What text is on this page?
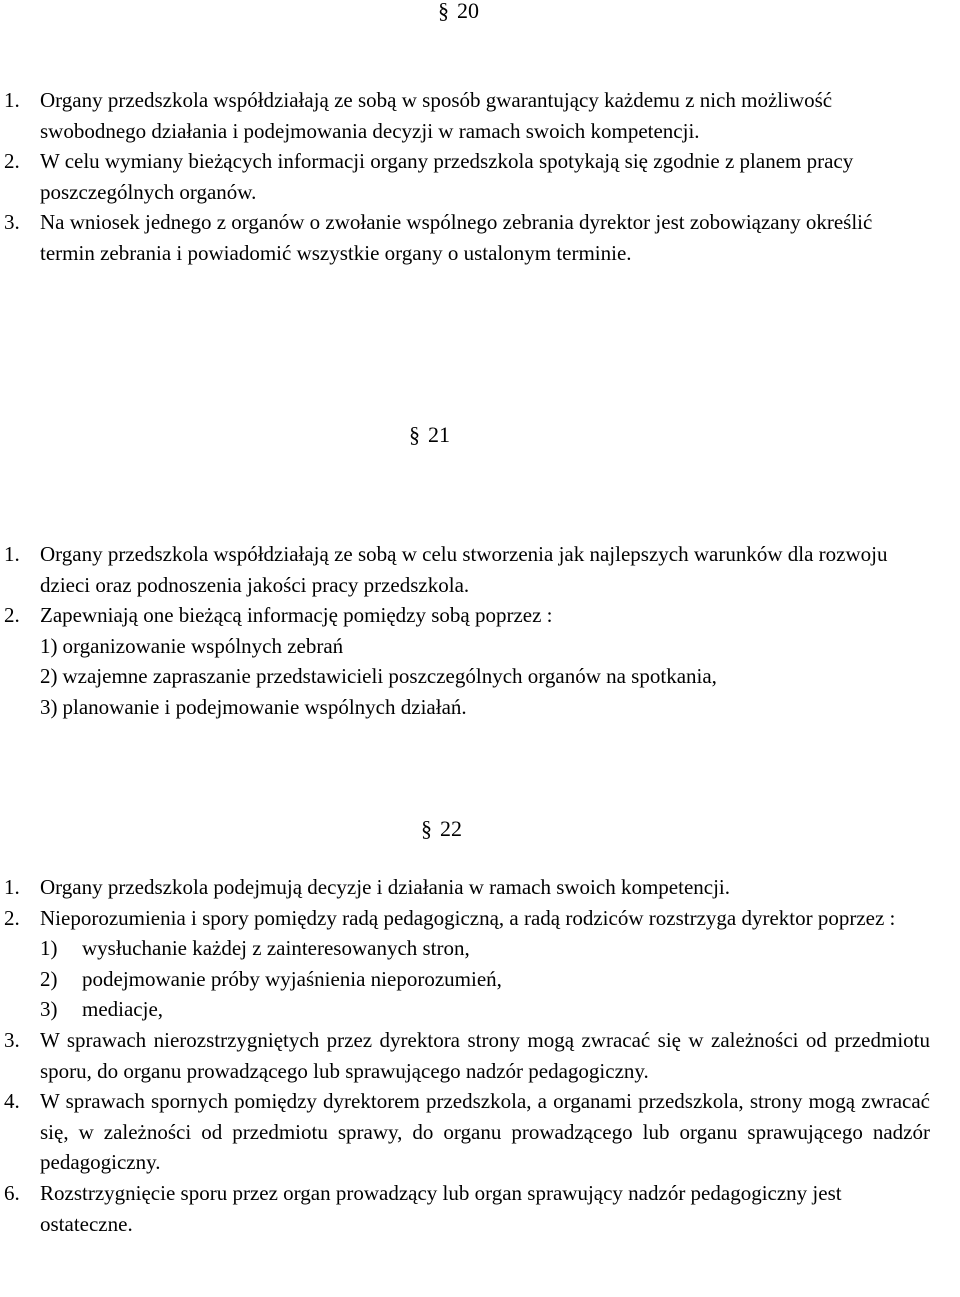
§ 20
1. Organy przedszkola współdziałają ze sobą w sposób gwarantujący każdemu z nich możliwość swobodnego działania i podejmowania decyzji w ramach swoich kompetencji.
2. W celu wymiany bieżących informacji organy przedszkola spotykają się zgodnie z planem pracy poszczególnych organów.
3. Na wniosek jednego z organów o zwołanie wspólnego zebrania dyrektor jest zobowiązany określić termin zebrania i powiadomić wszystkie organy o ustalonym terminie.
§ 21
1. Organy przedszkola współdziałają ze sobą w celu stworzenia jak najlepszych warunków dla rozwoju dzieci oraz podnoszenia jakości pracy przedszkola.
2. Zapewniają one bieżącą informację pomiędzy sobą poprzez :
1) organizowanie wspólnych zebrań
2) wzajemne zapraszanie przedstawicieli poszczególnych organów na spotkania,
3) planowanie i podejmowanie wspólnych działań.
§ 22
1. Organy przedszkola podejmują decyzje i działania w ramach swoich kompetencji.
2. Nieporozumienia i spory pomiędzy radą pedagogiczną, a radą rodziców rozstrzyga dyrektor poprzez :
1) wysłuchanie każdej z zainteresowanych stron,
2) podejmowanie próby wyjaśnienia nieporozumień,
3) mediacje,
3. W sprawach nierozstrzygniętych przez dyrektora strony mogą zwracać się w zależności od przedmiotu sporu, do organu prowadzącego lub sprawującego nadzór pedagogiczny.
4. W sprawach spornych pomiędzy dyrektorem przedszkola, a organami przedszkola, strony mogą zwracać się, w zależności od przedmiotu sprawy, do organu prowadzącego lub organu sprawującego nadzór pedagogiczny.
6. Rozstrzygnięcie sporu przez organ prowadzący lub organ sprawujący nadzór pedagogiczny jest ostateczne.
